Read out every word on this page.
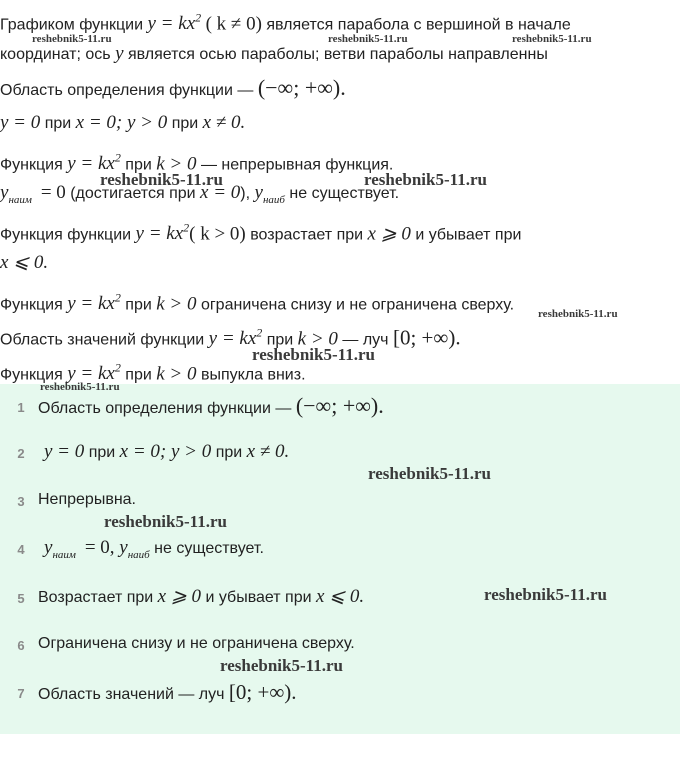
Графиком функции $y = kx^2$ ( k ≠ 0) является парабола с вершиной в начале
координат; ось y является осью параболы; ветви параболы направленны
Область определения функции — (−∞; +∞).
y = 0 при x = 0; y > 0 при x ≠ 0.
Функция $y = kx^2$ при k > 0 — непрерывная функция.
$y_{наим} = 0$ (достигается при x = 0), $y_{наиб}$ не существует.
Функция функции $y = kx^2$( k > 0) возрастает при x ⩾ 0 и убывает при
x ⩽ 0.
Функция $y = kx^2$ при k > 0 ограничена снизу и не ограничена сверху.
Область значений функции $y = kx^2$ при k > 0 — луч [0; +∞).
Функция $y = kx^2$ при k > 0 выпукла вниз.
1 Область определения функции — (−∞; +∞).
2 y = 0 при x = 0; y > 0 при x ≠ 0.
3 Непрерывна.
4 $y_{наим} = 0$, $y_{наиб}$ не существует.
5 Возрастает при x ⩾ 0 и убывает при x ⩽ 0.
6 Ограничена снизу и не ограничена сверху.
7 Область значений — луч [0; +∞).
reshebnik5-11.ru	reshebnik5-11.ru	reshebnik5-11.ru
reshebnik5-11.ru	reshebnik5-11.ru
reshebnik5-11.ru
reshebnik5-11.ru
reshebnik5-11.ru
reshebnik5-11.ru
reshebnik5-11.ru
reshebnik5-11.ru
reshebnik5-11.ru
